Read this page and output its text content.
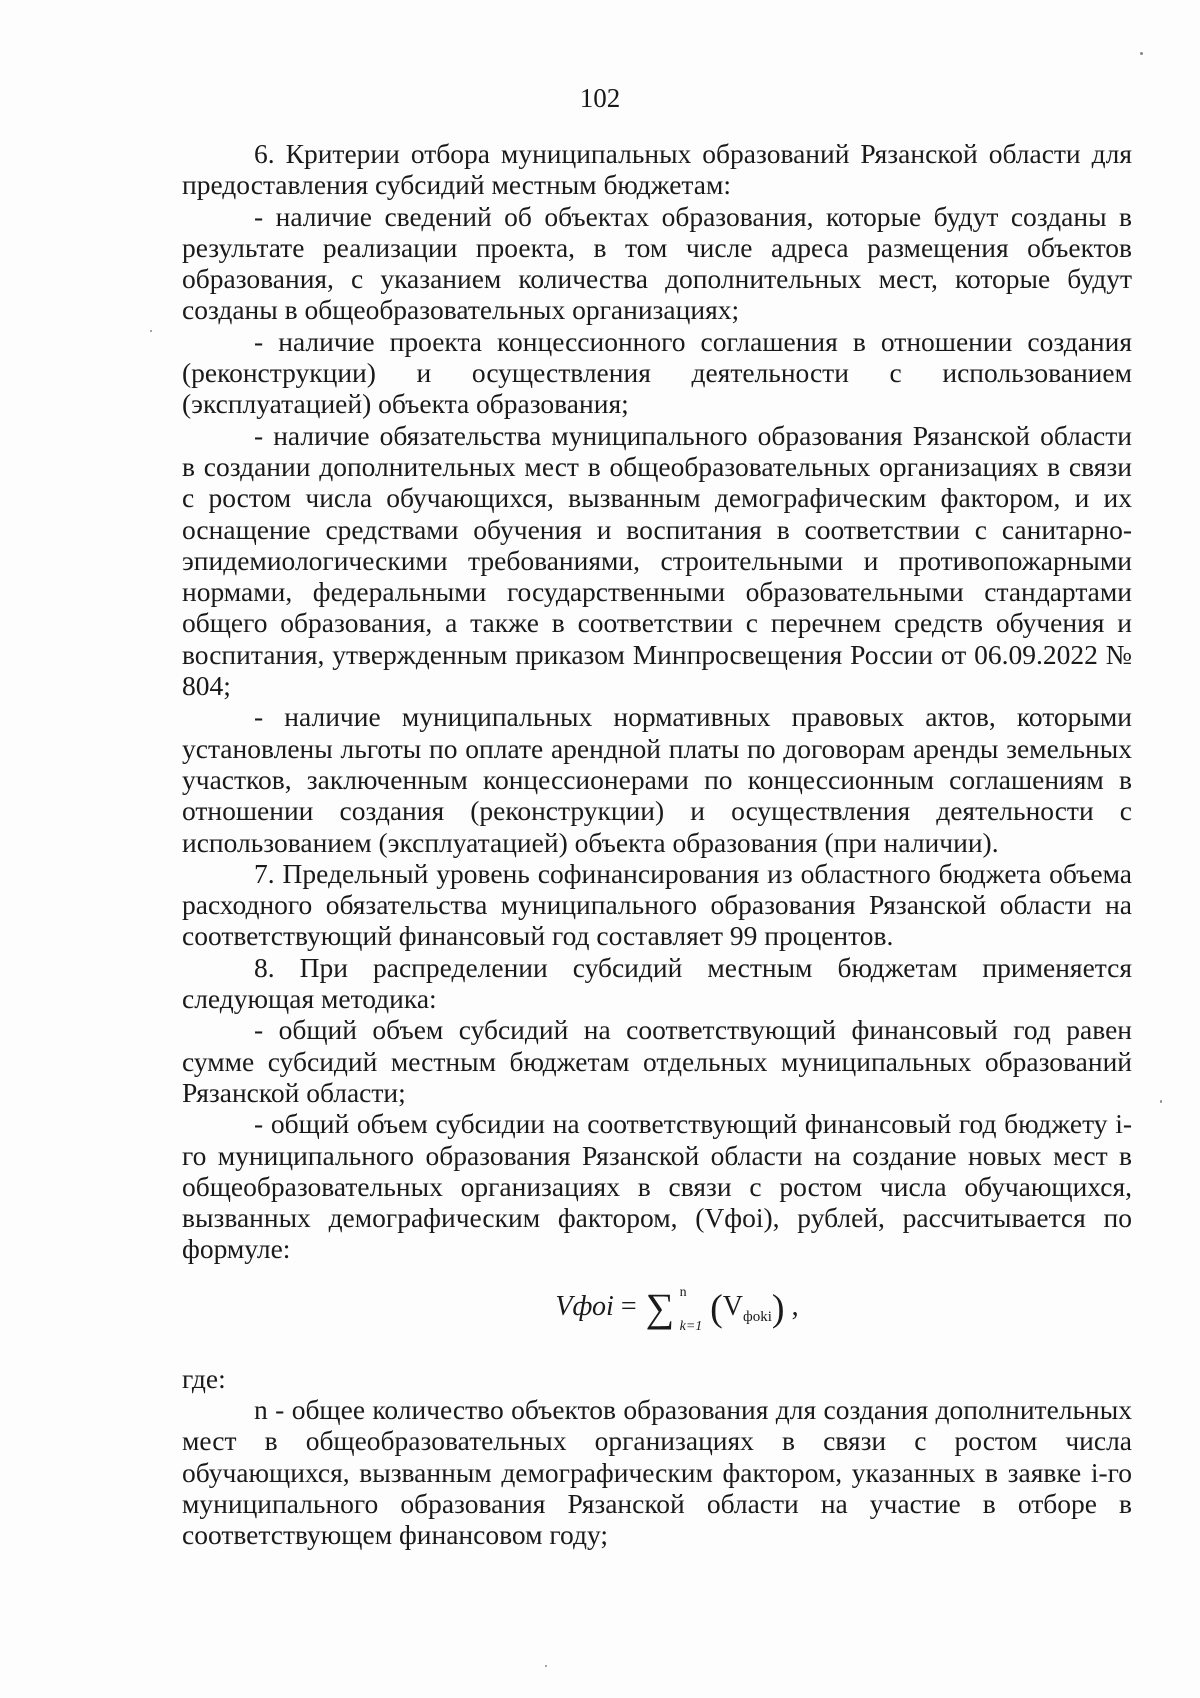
102

6. Критерии отбора муниципальных образований Рязанской области для предоставления субсидий местным бюджетам:

- наличие сведений об объектах образования, которые будут созданы в результате реализации проекта, в том числе адреса размещения объектов образования, с указанием количества дополнительных мест, которые будут созданы в общеобразовательных организациях;

- наличие проекта концессионного соглашения в отношении создания (реконструкции) и осуществления деятельности с использованием (эксплуатацией) объекта образования;

- наличие обязательства муниципального образования Рязанской области в создании дополнительных мест в общеобразовательных организациях в связи с ростом числа обучающихся, вызванным демографическим фактором, и их оснащение средствами обучения и воспитания в соответствии с санитарно-эпидемиологическими требованиями, строительными и противопожарными нормами, федеральными государственными образовательными стандартами общего образования, а также в соответствии с перечнем средств обучения и воспитания, утвержденным приказом Минпросвещения России от 06.09.2022 № 804;

- наличие муниципальных нормативных правовых актов, которыми установлены льготы по оплате арендной платы по договорам аренды земельных участков, заключенным концессионерами по концессионным соглашениям в отношении создания (реконструкции) и осуществления деятельности с использованием (эксплуатацией) объекта образования (при наличии).

7. Предельный уровень софинансирования из областного бюджета объема расходного обязательства муниципального образования Рязанской области на соответствующий финансовый год составляет 99 процентов.

8. При распределении субсидий местным бюджетам применяется следующая методика:

- общий объем субсидий на соответствующий финансовый год равен сумме субсидий местным бюджетам отдельных муниципальных образований Рязанской области;

- общий объем субсидии на соответствующий финансовый год бюджету i-го муниципального образования Рязанской области на создание новых мест в общеобразовательных организациях в связи с ростом числа обучающихся, вызванных демографическим фактором, (Vфоi), рублей, рассчитывается по формуле:

Vфоi = ∑ n
k=1 $(V_{фоki})$ ,

где:

n - общее количество объектов образования для создания дополнительных мест в общеобразовательных организациях в связи с ростом числа обучающихся, вызванным демографическим фактором, указанных в заявке i-го муниципального образования Рязанской области на участие в отборе в соответствующем финансовом году;
